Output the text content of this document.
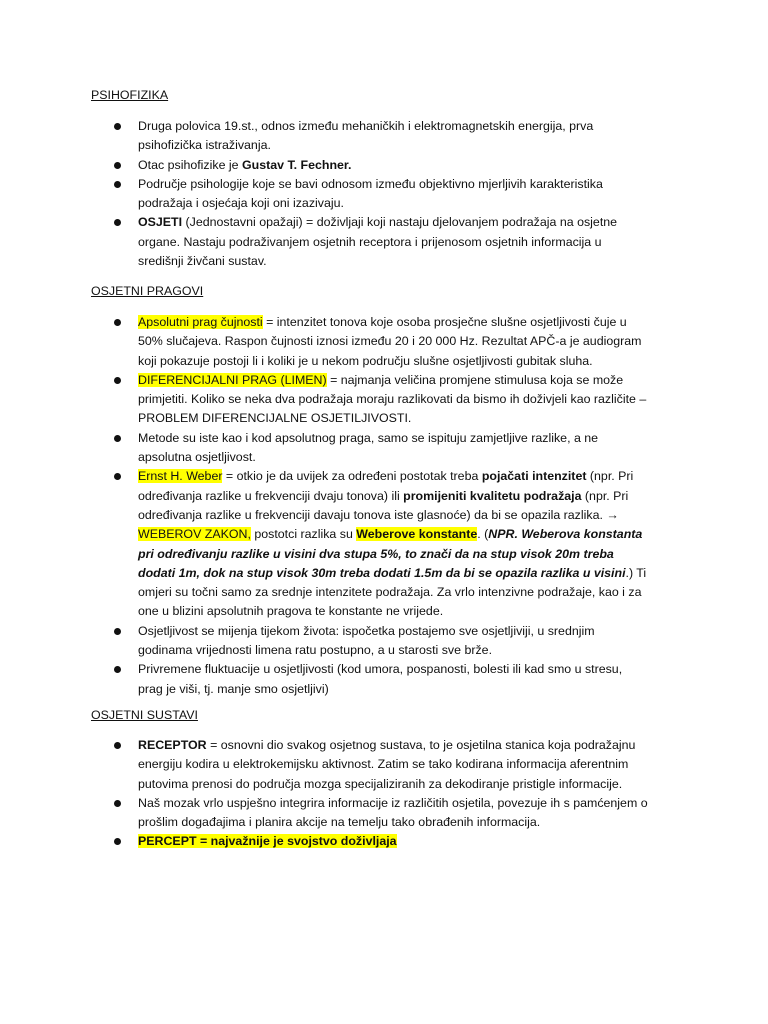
PSIHOFIZIKA
Druga polovica 19.st., odnos između mehaničkih i elektromagnetskih energija, prva psihofizička istraživanja.
Otac psihofizike je Gustav T. Fechner.
Područje psihologije koje se bavi odnosom između objektivno mjerljivih karakteristika podražaja i osjećaja koji oni izazivaju.
OSJETI (Jednostavni opažaji) = doživljaji koji nastaju djelovanjem podražaja na osjetne organe. Nastaju podraživanjem osjetnih receptora i prijenosom osjetnih informacija u središnji živčani sustav.
OSJETNI PRAGOVI
Apsolutni prag čujnosti = intenzitet tonova koje osoba prosječne slušne osjetljivosti čuje u 50% slučajeva. Raspon čujnosti iznosi između 20 i 20 000 Hz. Rezultat APČ-a je audiogram koji pokazuje postoji li i koliki je u nekom području slušne osjetljivosti gubitak sluha.
DIFERENCIJALNI PRAG (LIMEN) = najmanja veličina promjene stimulusa koja se može primjetiti. Koliko se neka dva podražaja moraju razlikovati da bismo ih doživjeli kao različite – PROBLEM DIFERENCIJALNE OSJETILJIVOSTI.
Metode su iste kao i kod apsolutnog praga, samo se ispituju zamjetljive razlike, a ne apsolutna osjetljivost.
Ernst H. Weber = otkio je da uvijek za određeni postotak treba pojačati intenzitet (npr. Pri određivanja razlike u frekvenciji dvaju tonova) ili promijeniti kvalitetu podražaja (npr. Pri određivanja razlike u frekvenciji davaju tonova iste glasnoće) da bi se opazila razlika. → WEBEROV ZAKON, postotci razlika su Weberove konstante. (NPR. Weberova konstanta pri određivanju razlike u visini dva stupa 5%, to znači da na stup visok 20m treba dodati 1m, dok na stup visok 30m treba dodati 1.5m da bi se opazila razlika u visini.) Ti omjeri su točni samo za srednje intenzitete podražaja. Za vrlo intenzivne podražaje, kao i za one u blizini apsolutnih pragova te konstante ne vrijede.
Osjetljivost se mijenja tijekom života: ispočetka postajemo sve osjetljiviji, u srednjim godinama vrijednosti limena ratu postupno, a u starosti sve brže.
Privremene fluktuacije u osjetljivosti (kod umora, pospanosti, bolesti ili kad smo u stresu, prag je viši, tj. manje smo osjetljivi)
OSJETNI SUSTAVI
RECEPTOR = osnovni dio svakog osjetnog sustava, to je osjetilna stanica koja podražajnu energiju kodira u elektrokemijsku aktivnost. Zatim se tako kodirana informacija aferentnim putovima prenosi do područja mozga specijaliziranih za dekodiranje pristigle informacije.
Naš mozak vrlo uspješno integrira informacije iz različitih osjetila, povezuje ih s pamćenjem o prošlim događajima i planira akcije na temelju tako obrađenih informacija.
PERCEPT = najvažnije je svojstvo doživljaja
